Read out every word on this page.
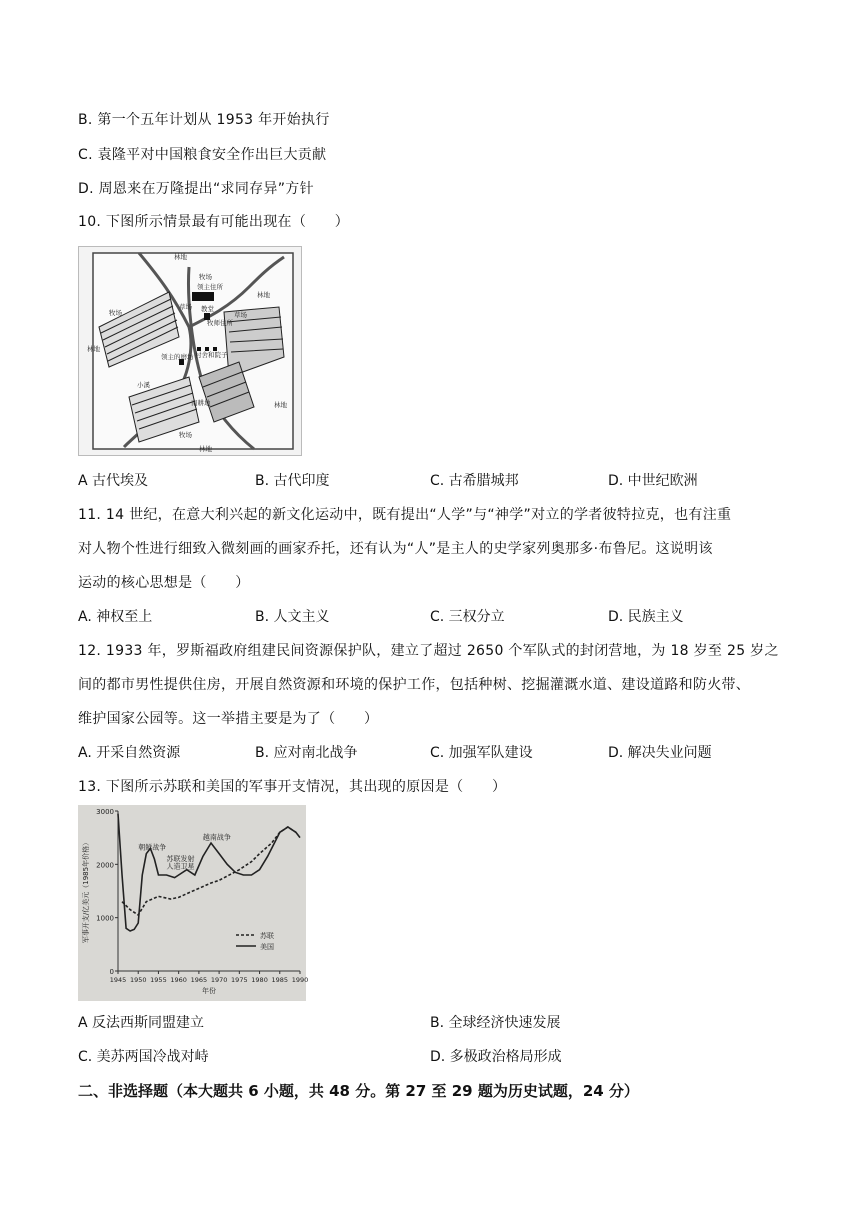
B. 第一个五年计划从 1953 年开始执行
C. 袁隆平对中国粮食安全作出巨大贡献
D. 周恩来在万隆提出“求同存异”方针
10. 下图所示情景最有可能出现在（　　）
林地
牧场
林地
牧场
林地
草场
草场
领主住所
教堂
牧师住所
村舍和院子
领主的磨坊
小溪
南耕地	林地
牧场
林地
A 古代埃及	B. 古代印度	C. 古希腊城邦	D. 中世纪欧洲
11. 14 世纪，在意大利兴起的新文化运动中，既有提出“人学”与“神学”对立的学者彼特拉克，也有注重
对人物个性进行细致入微刻画的画家乔托，还有认为“人”是主人的史学家列奥那多·布鲁尼。这说明该
运动的核心思想是（　　）
A. 神权至上	B. 人文主义	C. 三权分立	D. 民族主义
12. 1933 年，罗斯福政府组建民间资源保护队，建立了超过 2650 个军队式的封闭营地，为 18 岁至 25 岁之
间的都市男性提供住房，开展自然资源和环境的保护工作，包括种树、挖掘灌溉水道、建设道路和防火带、
维护国家公园等。这一举措主要是为了（　　）
A. 开采自然资源	B. 应对南北战争	C. 加强军队建设	D. 解决失业问题
13. 下图所示苏联和美国的军事开支情况，其出现的原因是（　　）
0
1000
2000
3000
1945 1950 1955 1960 1965 1970 1975 1980 1985 1990
年份
军事开支/亿美元（1985年价格）	苏联
美国
朝鲜战争
越南战争
苏联发射
人造卫星
A 反法西斯同盟建立	B. 全球经济快速发展
C. 美苏两国冷战对峙	D. 多极政治格局形成
二、非选择题（本大题共 6 小题，共 48 分。第 27 至 29 题为历史试题，24 分）
